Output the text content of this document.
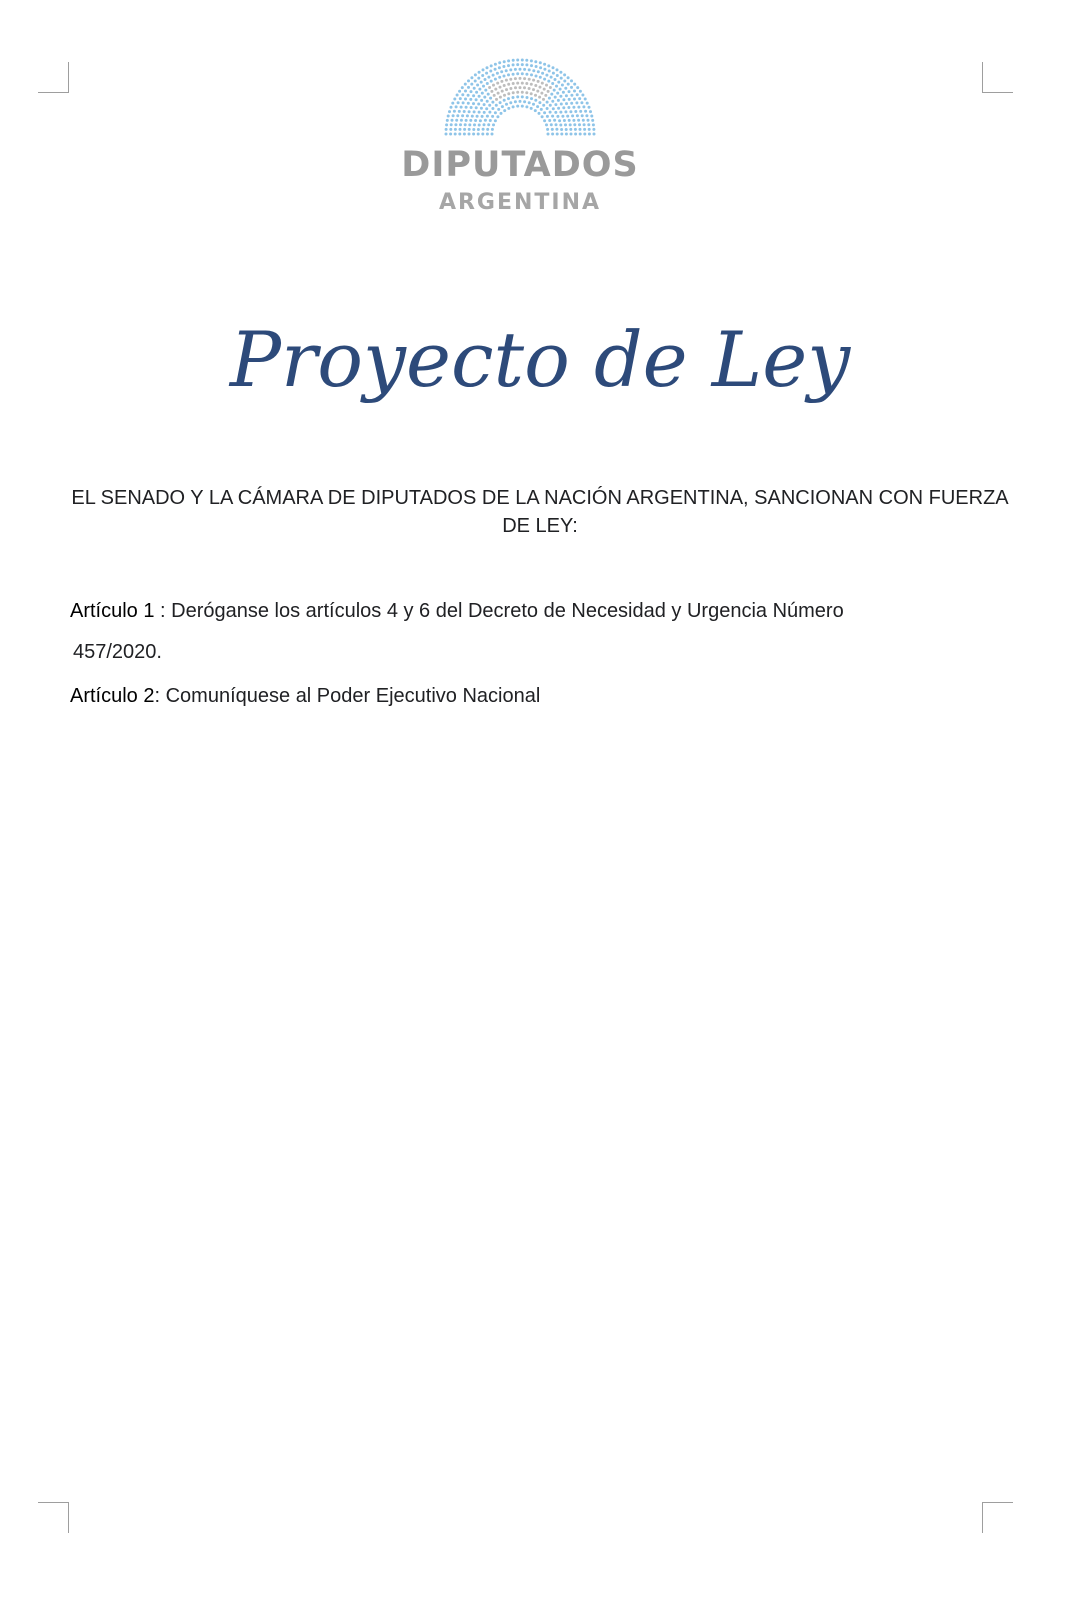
DIPUTADOS
ARGENTINA
Proyecto de Ley
EL SENADO Y LA CÁMARA DE DIPUTADOS DE LA NACIÓN ARGENTINA, SANCIONAN CON FUERZA DE LEY:
Artículo 1 : Deróganse los artículos 4 y 6 del Decreto de Necesidad y Urgencia Número
457/2020.
Artículo 2: Comuníquese al Poder Ejecutivo Nacional
